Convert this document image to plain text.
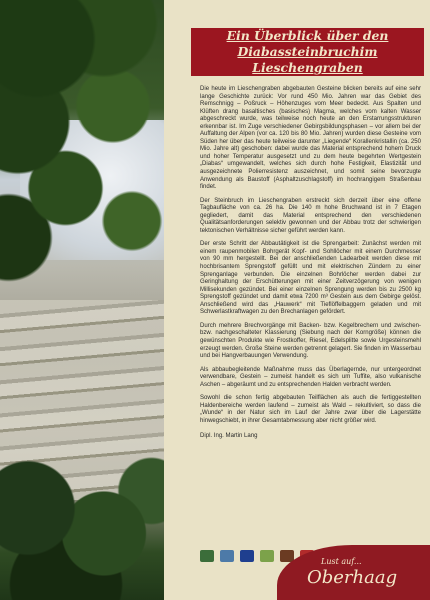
Ein Überblick über den Diabassteinbruchim Lieschengraben

Die heute im Lieschengraben abgebauten Gesteine blicken bereits auf eine sehr lange Geschichte zurück: Vor rund 450 Mio. Jahren war das Gebiet des Remschnigg – Poßruck – Höhenzuges vom Meer bedeckt. Aus Spalten und Klüften drang basaltisches (basisches) Magma, welches vom kalten Wasser abgeschreckt wurde, was teilweise noch heute an den Erstarrungsstrukturen erkennbar ist. Im Zuge verschiedener Gebirgsbildungsphasen – vor allem bei der Auffaltung der Alpen (vor ca. 120 bis 80 Mio. Jahren) wurden diese Gesteine vom Süden her über das heute teilweise darunter „Liegende“ Korallenkristallin (ca. 250 Mio. Jahre alt) geschoben: dabei wurde das Material entsprechend hohem Druck und hoher Temperatur ausgesetzt und zu dem heute begehrten Wertgestein „Diabas“ umgewandelt, welches sich durch hohe Festigkeit, Elastizität und ausgezeichnete Polierresistenz auszeichnet, und somit seine bevorzugte Anwendung als Baustoff (Asphaltzuschlagstoff) im hochrangigem Straßenbau findet.

Der Steinbruch im Lieschengraben erstreckt sich derzeit über eine offene Tagbaufläche von ca. 26 ha. Die 140 m hohe Bruchwand ist in 7 Etagen gegliedert, damit das Material entsprechend den verschiedenen Qualitätsanforderungen selektiv gewonnen und der Abbau trotz der schwierigen tektonischen Verhältnisse sicher geführt werden kann.

Der erste Schritt der Abbautätigkeit ist die Sprengarbeit: Zunächst werden mit einem raupenmobilen Bohrgerät Kopf- und Sohllöcher mit einem Durchmesser von 90 mm hergestellt. Bei der anschließenden Ladearbeit werden diese mit hochbrisantem Sprengstoff gefüllt und mit elektrischen Zündern zu einer Sprenganlage verbunden. Die einzelnen Bohrlöcher werden dabei zur Geringhaltung der Erschütterungen mit einer Zeitverzögerung von wenigen Millisekunden gezündet. Bei einer einzelnen Sprengung werden bis zu 2500 kg Sprengstoff gezündet und damit etwa 7200 m³ Gestein aus dem Gebirge gelöst. Anschließend wird das „Hauwerk“ mit Tieflöffelbaggern geladen und mit Schwerlastkraftwagen zu den Brechanlagen gefördert.

Durch mehrere Brechvorgänge mit Backen- bzw. Kegelbrechern und zwischen- bzw. nachgeschalteter Klassierung (Siebung nach der Korngröße) können die gewünschten Produkte wie Frostkoffer, Riesel, Edelsplitte sowie Urgesteinsmehl erzeugt werden. Große Steine werden getrennt gelagert. Sie finden im Wasserbau und bei Hangverbauungen Verwendung.

Als abbaubegleitende Maßnahme muss das Überlagernde, nur untergeordnet verwendbare, Gestein – zumeist handelt es sich um Tuffite, also vulkanische Aschen – abgeräumt und zu entsprechenden Halden verbracht werden.

Sowohl die schon fertig abgebauten Teilflächen als auch die fertiggestellten Haldenbereiche werden laufend – zumeist als Wald – rekultiviert, so dass die „Wunde“ in der Natur sich im Lauf der Jahre zwar über die Lagerstätte hinwegschiebt, in ihrer Gesamtabmessung aber nicht größer wird.

Dipl. Ing. Martin Lang

Lust auf...
Oberhaag
